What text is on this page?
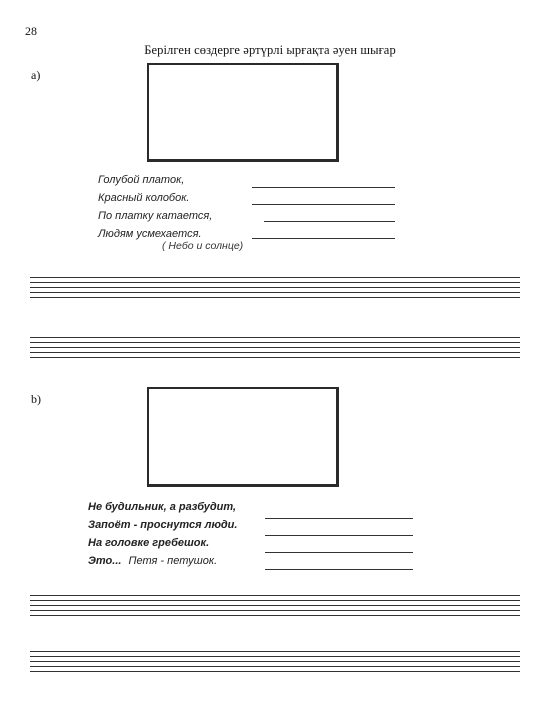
28
Берілген сөздерге әртүрлі ырғақта әуен шығар
а)
Голубой платок,
Красный колобок.
По платку катается,
Людям усмехается.
( Небо и солнце)
b)
Не будильник, а разбудит,
Запоёт - проснутся люди.
На головке гребешок.
Это... Петя - петушок.
